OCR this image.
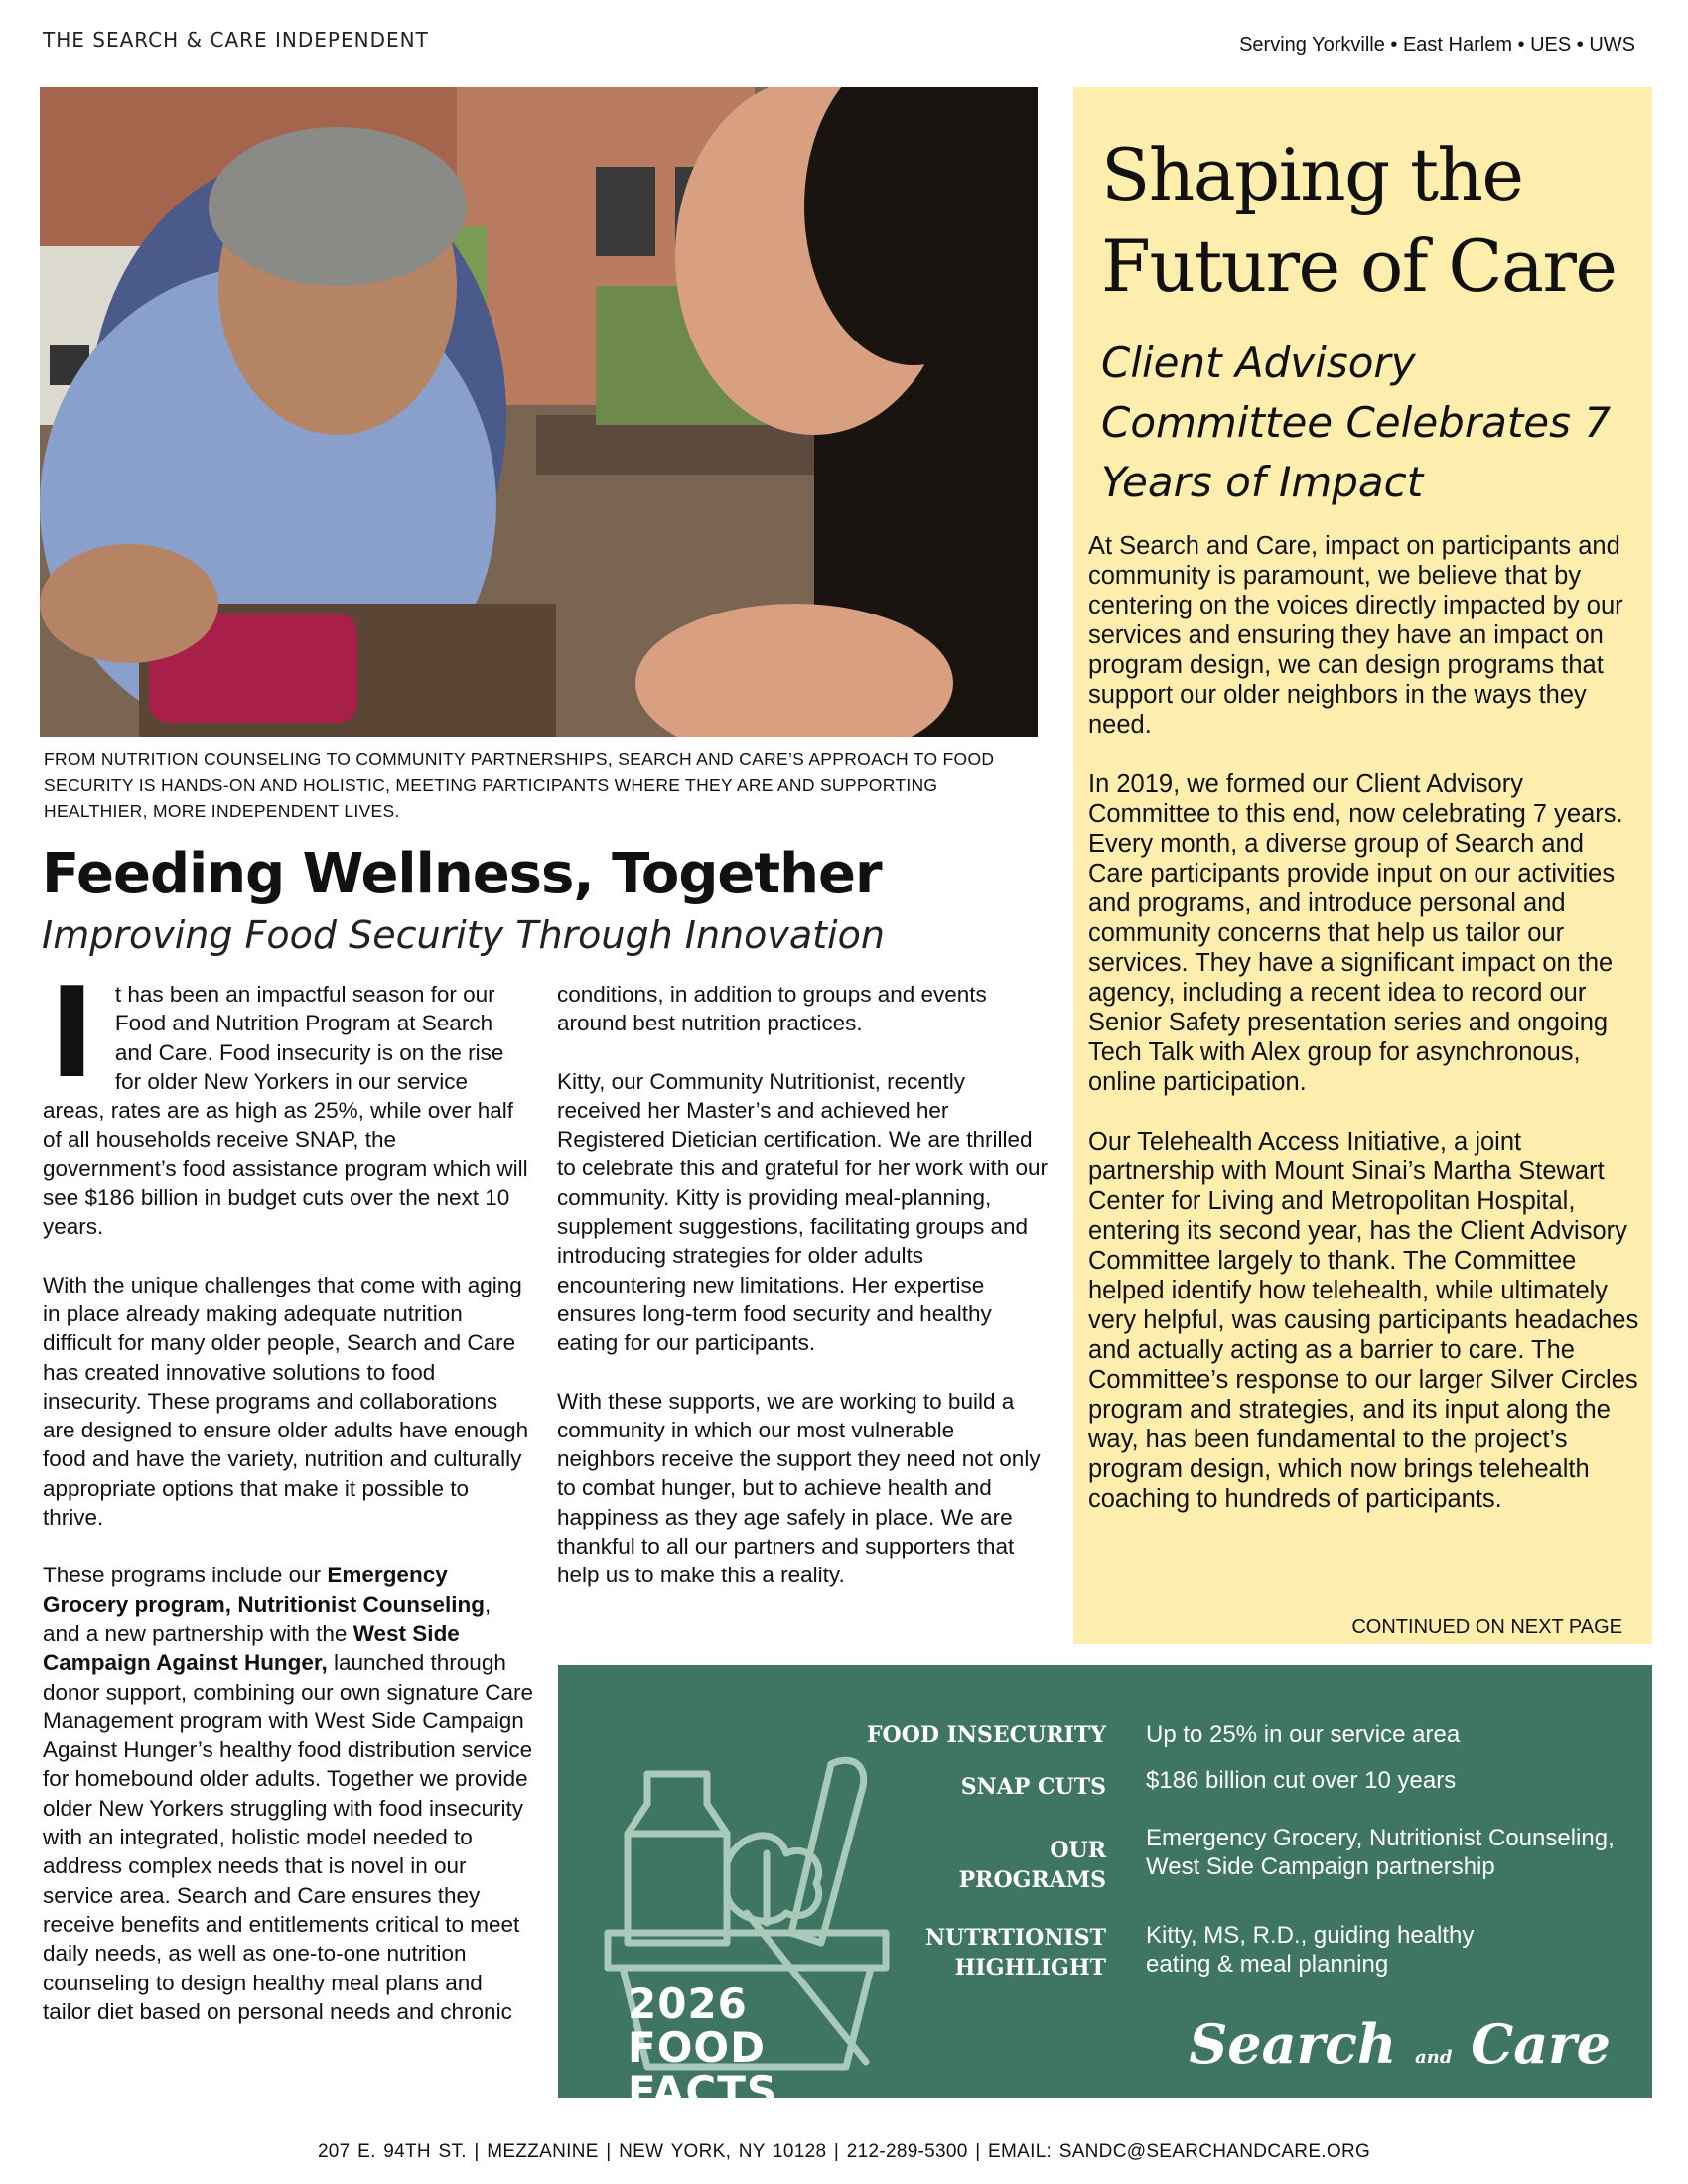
THE SEARCH & CARE INDEPENDENT	Serving Yorkville • East Harlem • UES • UWS
FROM NUTRITION COUNSELING TO COMMUNITY PARTNERSHIPS, SEARCH AND CARE’S APPROACH TO FOOD SECURITY IS HANDS-ON AND HOLISTIC, MEETING PARTICIPANTS WHERE THEY ARE AND SUPPORTING HEALTHIER, MORE INDEPENDENT LIVES.
Feeding Wellness, Together
Improving Food Security Through Innovation

It has been an impactful season for our Food and Nutrition Program at Search and Care. Food insecurity is on the rise for older New Yorkers in our service areas, rates are as high as 25%, while over half of all households receive SNAP, the government’s food assistance program which will see $186 billion in budget cuts over the next 10 years.

With the unique challenges that come with aging in place already making adequate nutrition difficult for many older people, Search and Care has created innovative solutions to food insecurity. These programs and collaborations are designed to ensure older adults have enough food and have the variety, nutrition and culturally appropriate options that make it possible to thrive.

These programs include our Emergency Grocery program, Nutritionist Counseling, and a new partnership with the West Side Campaign Against Hunger, launched through donor support, combining our own signature Care Management program with West Side Campaign Against Hunger’s healthy food distribution service for homebound older adults. Together we provide older New Yorkers struggling with food insecurity with an integrated, holistic model needed to address complex needs that is novel in our service area. Search and Care ensures they receive benefits and entitlements critical to meet daily needs, as well as one-to-one nutrition counseling to design healthy meal plans and tailor diet based on personal needs and chronic

conditions, in addition to groups and events around best nutrition practices.

Kitty, our Community Nutritionist, recently received her Master’s and achieved her Registered Dietician certification. We are thrilled to celebrate this and grateful for her work with our community. Kitty is providing meal-planning, supplement suggestions, facilitating groups and introducing strategies for older adults encountering new limitations. Her expertise ensures long-term food security and healthy eating for our participants.

With these supports, we are working to build a community in which our most vulnerable neighbors receive the support they need not only to combat hunger, but to achieve health and happiness as they age safely in place. We are thankful to all our partners and supporters that help us to make this a reality.

Shaping the Future of Care
Client Advisory Committee Celebrates 7 Years of Impact

At Search and Care, impact on participants and community is paramount, we believe that by centering on the voices directly impacted by our services and ensuring they have an impact on program design, we can design programs that support our older neighbors in the ways they need.

In 2019, we formed our Client Advisory Committee to this end, now celebrating 7 years. Every month, a diverse group of Search and Care participants provide input on our activities and programs, and introduce personal and community concerns that help us tailor our services. They have a significant impact on the agency, including a recent idea to record our Senior Safety presentation series and ongoing Tech Talk with Alex group for asynchronous, online participation.

Our Telehealth Access Initiative, a joint partnership with Mount Sinai’s Martha Stewart Center for Living and Metropolitan Hospital, entering its second year, has the Client Advisory Committee largely to thank. The Committee helped identify how telehealth, while ultimately very helpful, was causing participants headaches and actually acting as a barrier to care. The Committee’s response to our larger Silver Circles program and strategies, and its input along the way, has been fundamental to the project’s program design, which now brings telehealth coaching to hundreds of participants.

CONTINUED ON NEXT PAGE
2026
FOOD
FACTS
FOOD INSECURITY Up to 25% in our service area
SNAP CUTS $186 billion cut over 10 years
OUR PROGRAMS
Emergency Grocery, Nutritionist Counseling, West Side Campaign partnership
NUTRTIONIST HIGHLIGHT
Kitty, MS, R.D., guiding healthy eating & meal planning
Search and Care
207 E. 94TH ST. | MEZZANINE | NEW YORK, NY 10128 | 212-289-5300 | EMAIL: SANDC@SEARCHANDCARE.ORG
